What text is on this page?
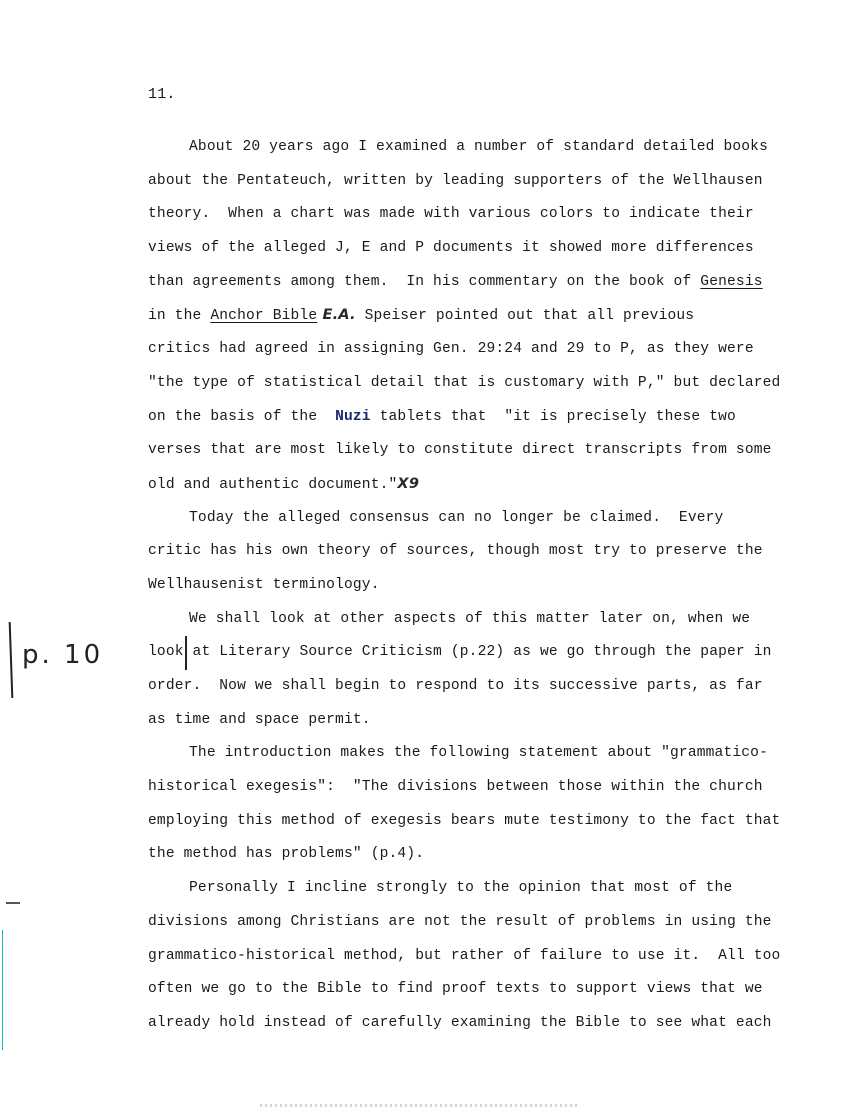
11.
p. 10
About 20 years ago I examined a number of standard detailed books
about the Pentateuch, written by leading supporters of the Wellhausen
theory.  When a chart was made with various colors to indicate their
views of the alleged J, E and P documents it showed more differences
than agreements among them.  In his commentary on the book of Genesis
in the Anchor Bible E.A. Speiser pointed out that all previous
critics had agreed in assigning Gen. 29:24 and 29 to P, as they were
"the type of statistical detail that is customary with P," but declared
on the basis of the  Nuzi tablets that  "it is precisely these two
verses that are most likely to constitute direct transcripts from some
old and authentic document."X9
Today the alleged consensus can no longer be claimed.  Every
critic has his own theory of sources, though most try to preserve the
Wellhausenist terminology.
We shall look at other aspects of this matter later on, when we
look at Literary Source Criticism (p.22) as we go through the paper in
order.  Now we shall begin to respond to its successive parts, as far
as time and space permit.
The introduction makes the following statement about "grammatico-
historical exegesis":  "The divisions between those within the church
employing this method of exegesis bears mute testimony to the fact that
the method has problems" (p.4).
Personally I incline strongly to the opinion that most of the
divisions among Christians are not the result of problems in using the
grammatico-historical method, but rather of failure to use it.  All too
often we go to the Bible to find proof texts to support views that we
already hold instead of carefully examining the Bible to see what each
